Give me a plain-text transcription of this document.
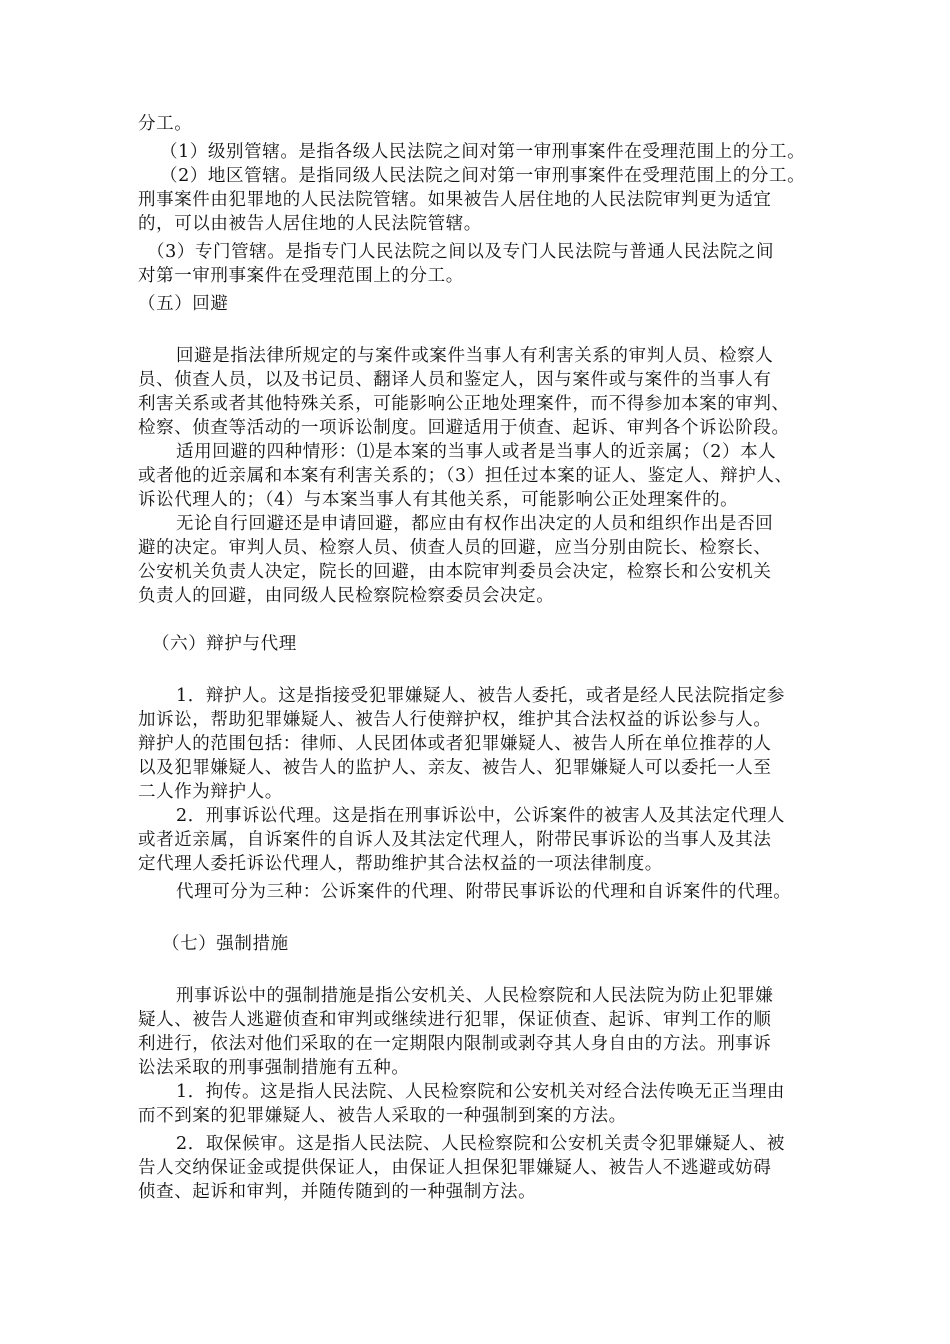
分工。
（1）级别管辖。是指各级人民法院之间对第一审刑事案件在受理范围上的分工。
（2）地区管辖。是指同级人民法院之间对第一审刑事案件在受理范围上的分工。
刑事案件由犯罪地的人民法院管辖。如果被告人居住地的人民法院审判更为适宜
的，可以由被告人居住地的人民法院管辖。
（3）专门管辖。是指专门人民法院之间以及专门人民法院与普通人民法院之间
对第一审刑事案件在受理范围上的分工。
（五）回避
回避是指法律所规定的与案件或案件当事人有利害关系的审判人员、检察人
员、侦查人员，以及书记员、翻译人员和鉴定人，因与案件或与案件的当事人有
利害关系或者其他特殊关系，可能影响公正地处理案件，而不得参加本案的审判、
检察、侦查等活动的一项诉讼制度。回避适用于侦查、起诉、审判各个诉讼阶段。
适用回避的四种情形：⑴是本案的当事人或者是当事人的近亲属；（2）本人
或者他的近亲属和本案有利害关系的；（3）担任过本案的证人、鉴定人、辩护人、
诉讼代理人的；（4）与本案当事人有其他关系，可能影响公正处理案件的。
无论自行回避还是申请回避，都应由有权作出决定的人员和组织作出是否回
避的决定。审判人员、检察人员、侦查人员的回避，应当分别由院长、检察长、
公安机关负责人决定，院长的回避，由本院审判委员会决定，检察长和公安机关
负责人的回避，由同级人民检察院检察委员会决定。
（六）辩护与代理
1．辩护人。这是指接受犯罪嫌疑人、被告人委托，或者是经人民法院指定参
加诉讼，帮助犯罪嫌疑人、被告人行使辩护权，维护其合法权益的诉讼参与人。
辩护人的范围包括：律师、人民团体或者犯罪嫌疑人、被告人所在单位推荐的人
以及犯罪嫌疑人、被告人的监护人、亲友、被告人、犯罪嫌疑人可以委托一人至
二人作为辩护人。
2．刑事诉讼代理。这是指在刑事诉讼中，公诉案件的被害人及其法定代理人
或者近亲属，自诉案件的自诉人及其法定代理人，附带民事诉讼的当事人及其法
定代理人委托诉讼代理人，帮助维护其合法权益的一项法律制度。
代理可分为三种：公诉案件的代理、附带民事诉讼的代理和自诉案件的代理。
（七）强制措施
刑事诉讼中的强制措施是指公安机关、人民检察院和人民法院为防止犯罪嫌
疑人、被告人逃避侦查和审判或继续进行犯罪，保证侦查、起诉、审判工作的顺
利进行，依法对他们采取的在一定期限内限制或剥夺其人身自由的方法。刑事诉
讼法采取的刑事强制措施有五种。
1．拘传。这是指人民法院、人民检察院和公安机关对经合法传唤无正当理由
而不到案的犯罪嫌疑人、被告人采取的一种强制到案的方法。
2．取保候审。这是指人民法院、人民检察院和公安机关责令犯罪嫌疑人、被
告人交纳保证金或提供保证人，由保证人担保犯罪嫌疑人、被告人不逃避或妨碍
侦查、起诉和审判，并随传随到的一种强制方法。
